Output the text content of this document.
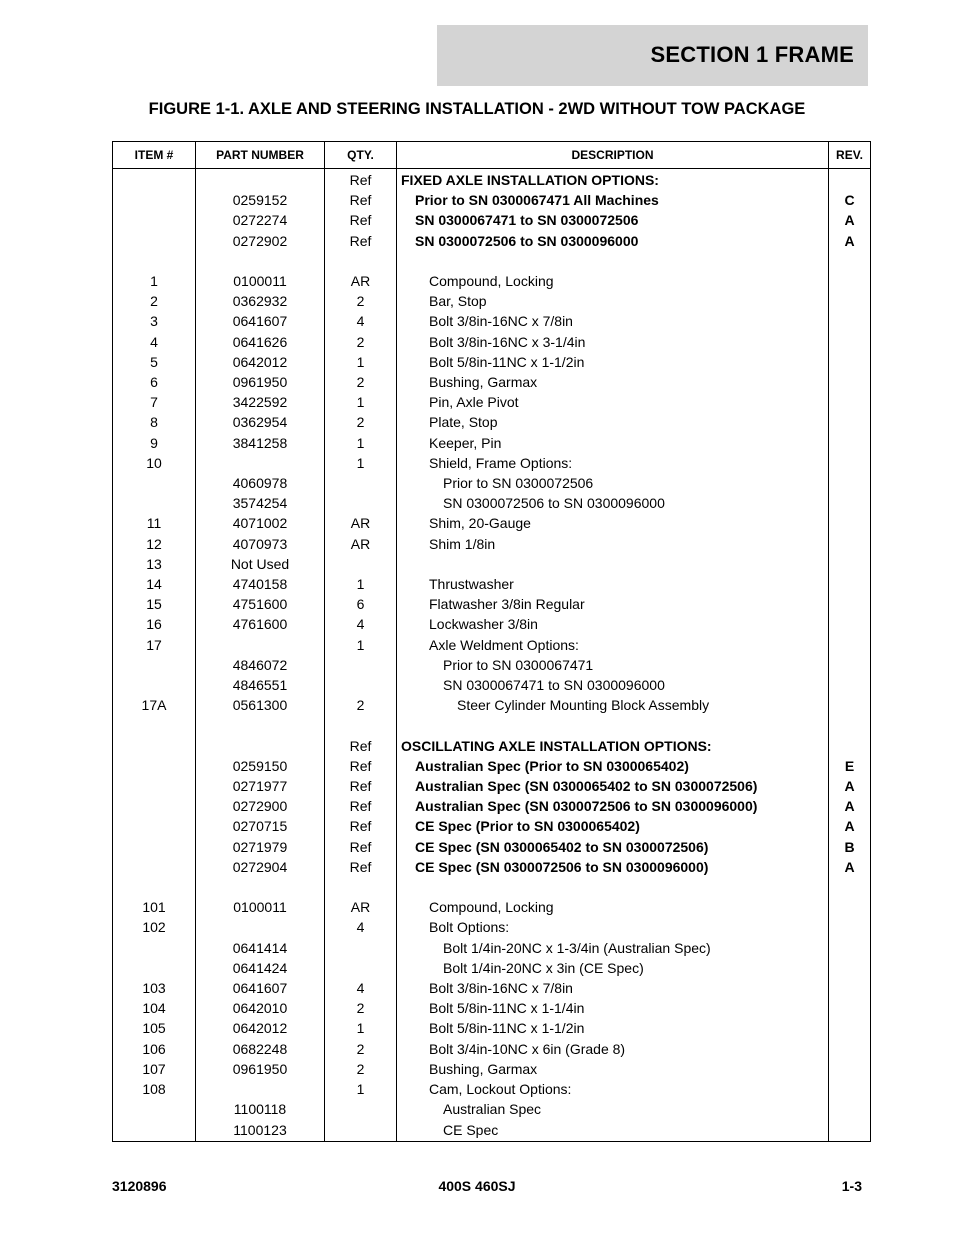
SECTION 1 FRAME
FIGURE 1-1. AXLE AND STEERING INSTALLATION - 2WD WITHOUT TOW PACKAGE
ITEM #	PART NUMBER	QTY.	DESCRIPTION	REV.
		Ref	FIXED AXLE INSTALLATION OPTIONS:	
	0259152	Ref	Prior to SN 0300067471 All Machines	C
	0272274	Ref	SN 0300067471 to SN 0300072506	A
	0272902	Ref	SN 0300072506 to SN 0300096000	A

1	0100011	AR	Compound, Locking	
2	0362932	2	Bar, Stop	
3	0641607	4	Bolt 3/8in-16NC x 7/8in	
4	0641626	2	Bolt 3/8in-16NC x 3-1/4in	
5	0642012	1	Bolt 5/8in-11NC x 1-1/2in	
6	0961950	2	Bushing, Garmax	
7	3422592	1	Pin, Axle Pivot	
8	0362954	2	Plate, Stop	
9	3841258	1	Keeper, Pin	
10		1	Shield, Frame Options:	
	4060978		Prior to SN 0300072506	
	3574254		SN 0300072506 to SN 0300096000	
11	4071002	AR	Shim, 20-Gauge	
12	4070973	AR	Shim 1/8in	
13	Not Used			
14	4740158	1	Thrustwasher	
15	4751600	6	Flatwasher 3/8in Regular	
16	4761600	4	Lockwasher 3/8in	
17		1	Axle Weldment Options:	
	4846072		Prior to SN 0300067471	
	4846551		SN 0300067471 to SN 0300096000	
17A	0561300	2	Steer Cylinder Mounting Block Assembly	

		Ref	OSCILLATING AXLE INSTALLATION OPTIONS:	
	0259150	Ref	Australian Spec (Prior to SN 0300065402)	E
	0271977	Ref	Australian Spec (SN 0300065402 to SN 0300072506)	A
	0272900	Ref	Australian Spec (SN 0300072506 to SN 0300096000)	A
	0270715	Ref	CE Spec (Prior to SN 0300065402)	A
	0271979	Ref	CE Spec (SN 0300065402 to SN 0300072506)	B
	0272904	Ref	CE Spec (SN 0300072506 to SN 0300096000)	A

101	0100011	AR	Compound, Locking	
102		4	Bolt Options:	
	0641414		Bolt 1/4in-20NC x 1-3/4in (Australian Spec)	
	0641424		Bolt 1/4in-20NC x 3in (CE Spec)	
103	0641607	4	Bolt 3/8in-16NC x 7/8in	
104	0642010	2	Bolt 5/8in-11NC x 1-1/4in	
105	0642012	1	Bolt 5/8in-11NC x 1-1/2in	
106	0682248	2	Bolt 3/4in-10NC x 6in (Grade 8)	
107	0961950	2	Bushing, Garmax	
108		1	Cam, Lockout Options:	
	1100118		Australian Spec	
	1100123		CE Spec	
3120896	400S 460SJ	1-3
